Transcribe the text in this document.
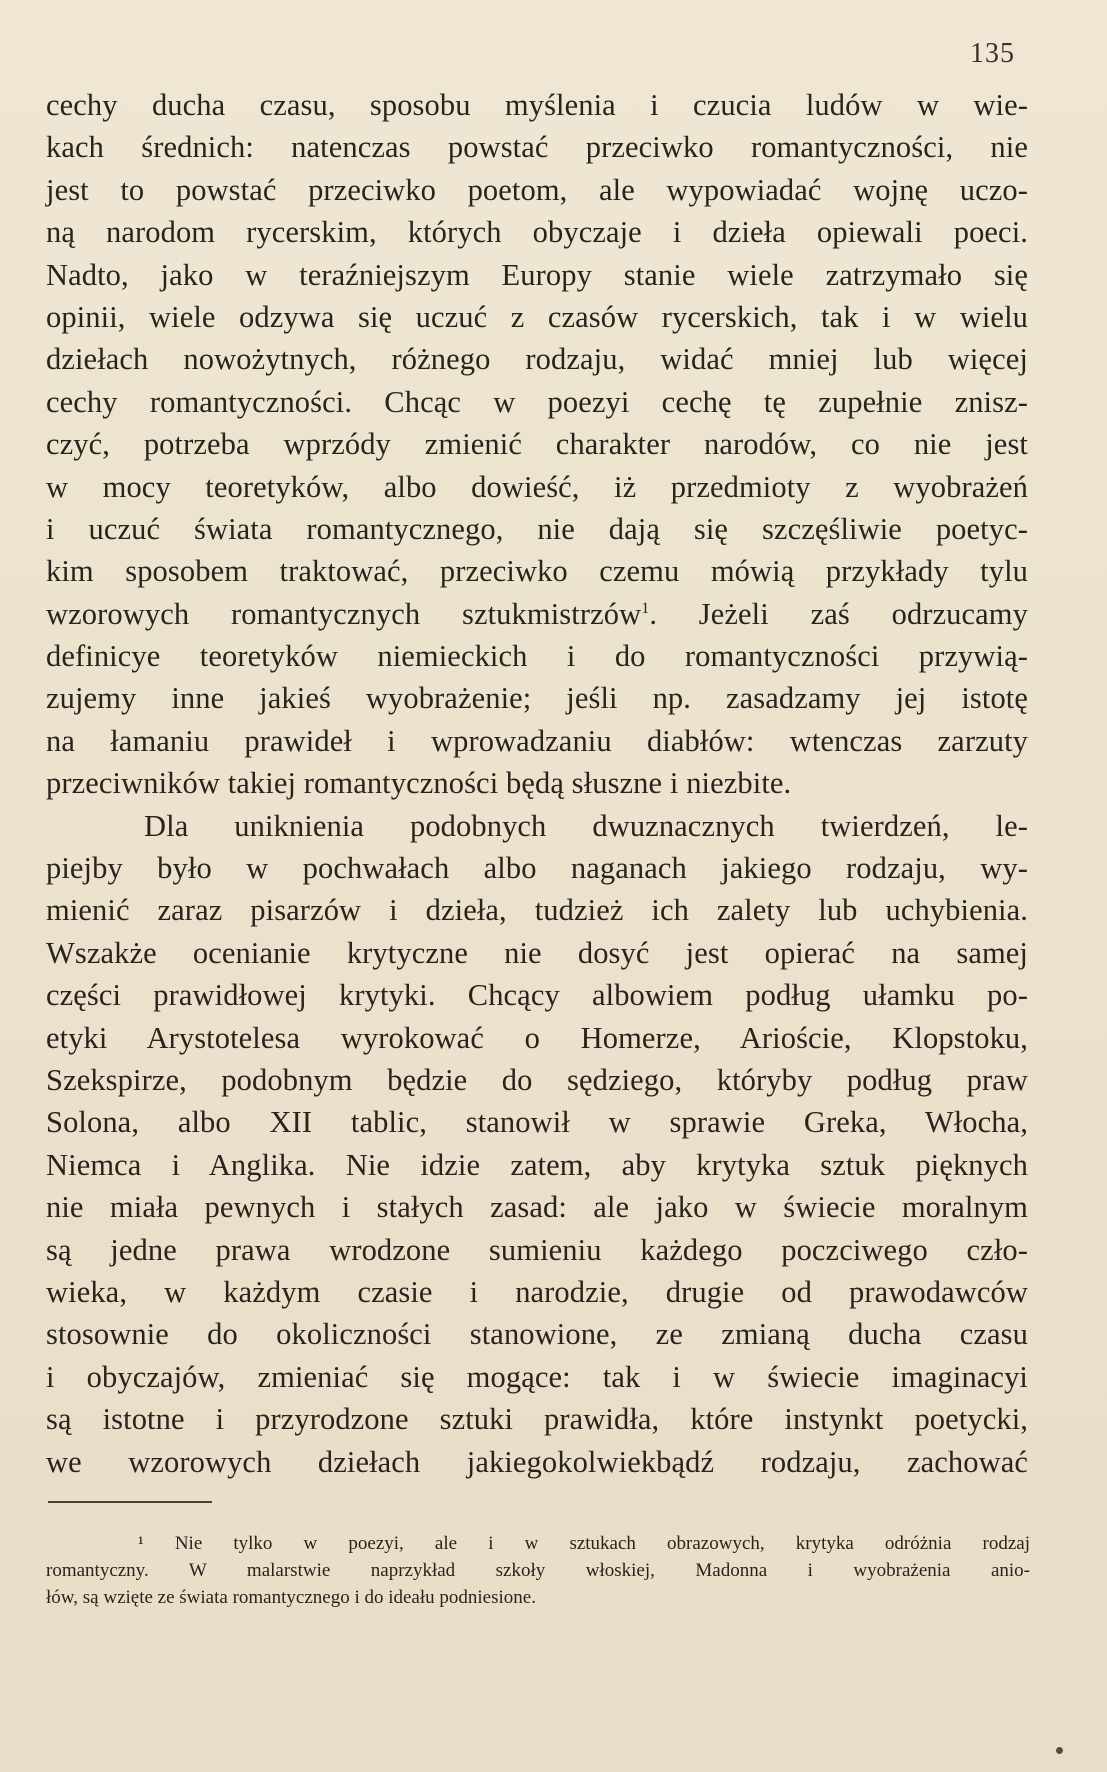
135
cechy ducha czasu, sposobu myślenia i czucia ludów w wie-
kach średnich: natenczas powstać przeciwko romantyczności, nie
jest to powstać przeciwko poetom, ale wypowiadać wojnę uczo-
ną narodom rycerskim, których obyczaje i dzieła opiewali poeci.
Nadto, jako w teraźniejszym Europy stanie wiele zatrzymało się
opinii, wiele odzywa się uczuć z czasów rycerskich, tak i w wielu
dziełach nowożytnych, różnego rodzaju, widać mniej lub więcej
cechy romantyczności. Chcąc w poezyi cechę tę zupełnie znisz-
czyć, potrzeba wprzódy zmienić charakter narodów, co nie jest
w mocy teoretyków, albo dowieść, iż przedmioty z wyobrażeń
i uczuć świata romantycznego, nie dają się szczęśliwie poetyc-
kim sposobem traktować, przeciwko czemu mówią przykłady tylu
wzorowych romantycznych sztukmistrzów$^1$. Jeżeli zaś odrzucamy
definicye teoretyków niemieckich i do romantyczności przywią-
zujemy inne jakieś wyobrażenie; jeśli np. zasadzamy jej istotę
na łamaniu prawideł i wprowadzaniu diabłów: wtenczas zarzuty
przeciwników takiej romantyczności będą słuszne i niezbite.
Dla uniknienia podobnych dwuznacznych twierdzeń, le-
piejby było w pochwałach albo naganach jakiego rodzaju, wy-
mienić zaraz pisarzów i dzieła, tudzież ich zalety lub uchybienia.
Wszakże ocenianie krytyczne nie dosyć jest opierać na samej
części prawidłowej krytyki. Chcący albowiem podług ułamku po-
etyki Arystotelesa wyrokować o Homerze, Arioście, Klopstoku,
Szekspirze, podobnym będzie do sędziego, któryby podług praw
Solona, albo XII tablic, stanowił w sprawie Greka, Włocha,
Niemca i Anglika. Nie idzie zatem, aby krytyka sztuk pięknych
nie miała pewnych i stałych zasad: ale jako w świecie moralnym
są jedne prawa wrodzone sumieniu każdego poczciwego czło-
wieka, w każdym czasie i narodzie, drugie od prawodawców
stosownie do okoliczności stanowione, ze zmianą ducha czasu
i obyczajów, zmieniać się mogące: tak i w świecie imaginacyi
są istotne i przyrodzone sztuki prawidła, które instynkt poetycki,
we wzorowych dziełach jakiegokolwiekbądź rodzaju, zachować
¹ Nie tylko w poezyi, ale i w sztukach obrazowych, krytyka odróżnia rodzaj
romantyczny. W malarstwie naprzykład szkoły włoskiej, Madonna i wyobrażenia anio-
łów, są wzięte ze świata romantycznego i do ideału podniesione.
